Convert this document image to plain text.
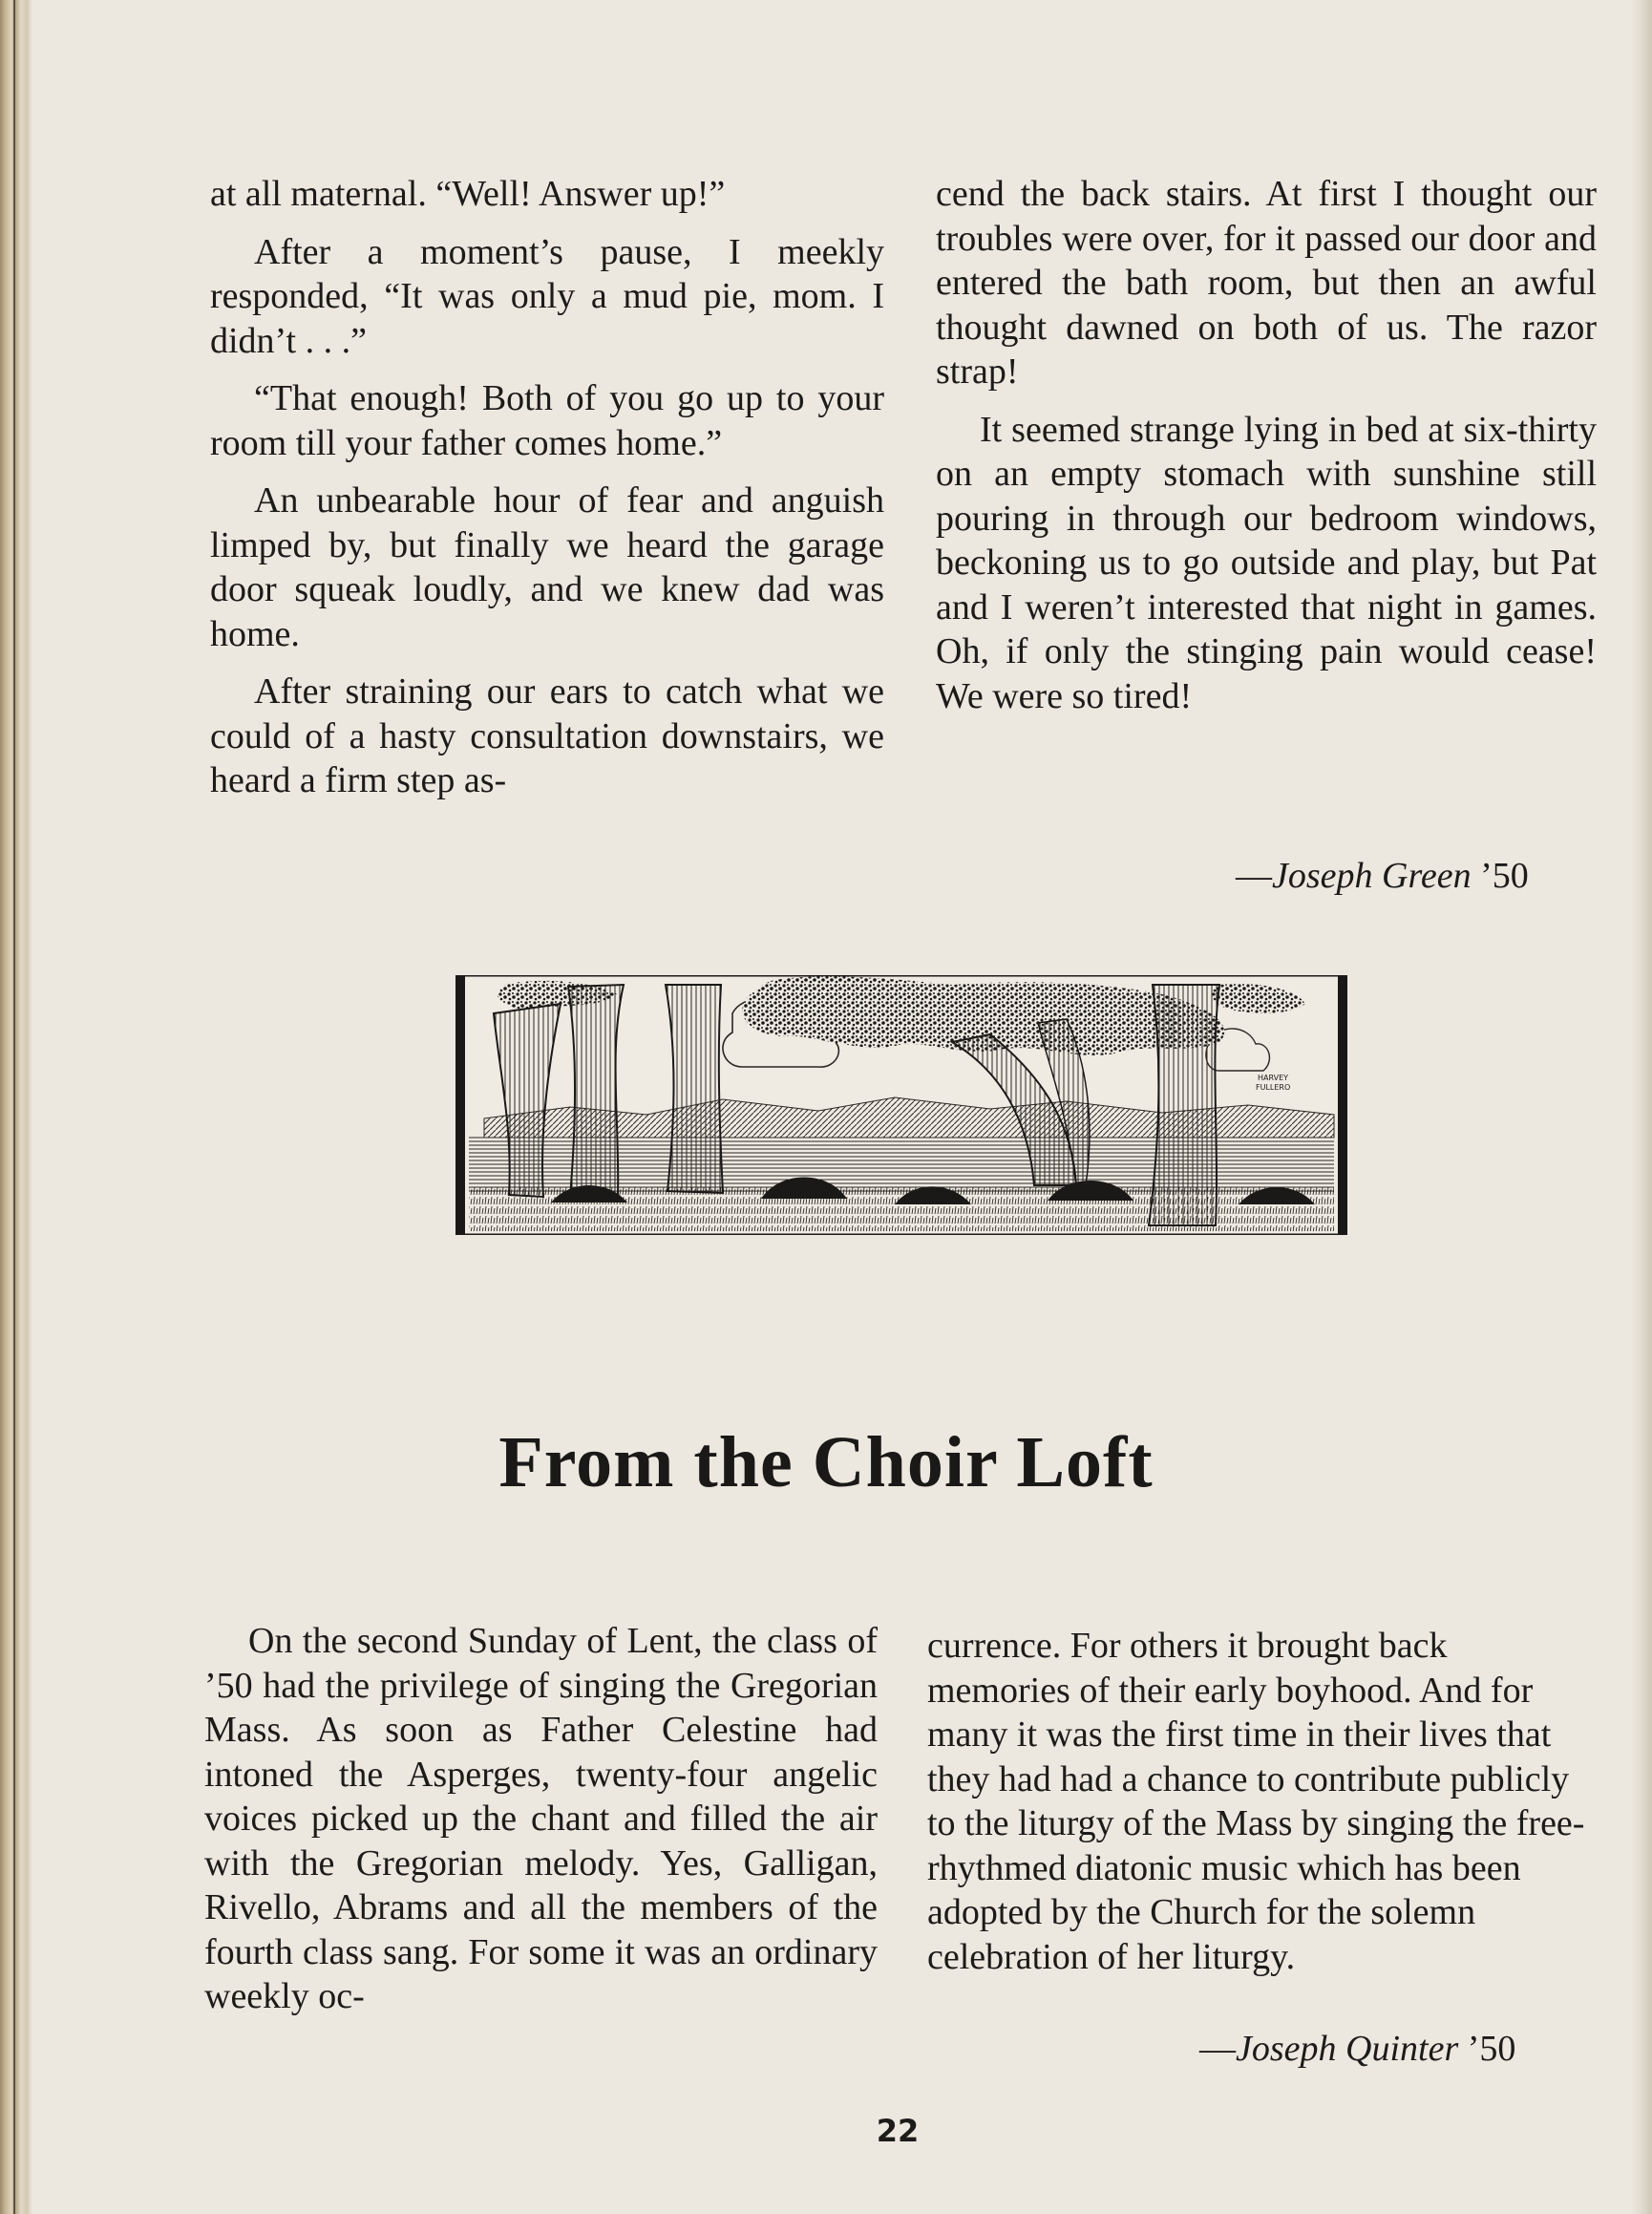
at all maternal. “Well! Answer up!”

After a moment’s pause, I meekly responded, “It was only a mud pie, mom. I didn’t . . .”

“That enough! Both of you go up to your room till your father comes home.”

An unbearable hour of fear and anguish limped by, but finally we heard the garage door squeak loudly, and we knew dad was home.

After straining our ears to catch what we could of a hasty consultation downstairs, we heard a firm step as-

cend the back stairs. At first I thought our troubles were over, for it passed our door and entered the bath room, but then an awful thought dawned on both of us. The razor strap!

It seemed strange lying in bed at six-thirty on an empty stomach with sunshine still pouring in through our bedroom windows, beckoning us to go outside and play, but Pat and I weren’t interested that night in games. Oh, if only the stinging pain would cease! We were so tired!

—Joseph Green ’50
HARVEY
FULLERO
From the Choir Loft

On the second Sunday of Lent, the class of ’50 had the privilege of singing the Gregorian Mass. As soon as Father Celestine had intoned the Asperges, twenty-four angelic voices picked up the chant and filled the air with the Gregorian melody. Yes, Galligan, Rivello, Abrams and all the members of the fourth class sang. For some it was an ordinary weekly oc-

currence. For others it brought back memories of their early boyhood. And for many it was the first time in their lives that they had had a chance to contribute publicly to the liturgy of the Mass by singing the free-rhythmed diatonic music which has been adopted by the Church for the solemn celebration of her liturgy.

—Joseph Quinter ’50
22
